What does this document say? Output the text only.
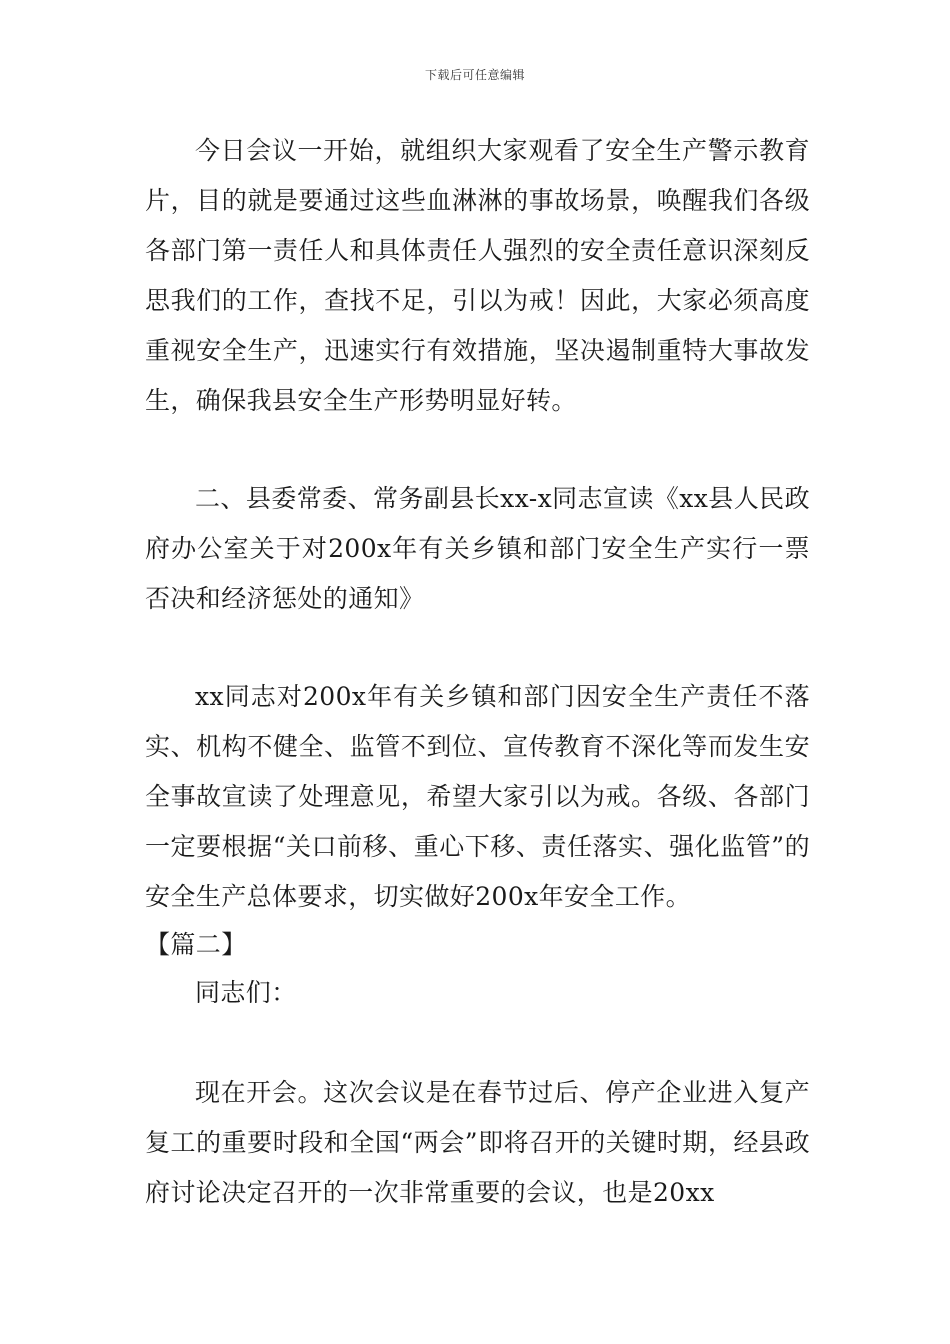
下载后可任意编辑

今日会议一开始，就组织大家观看了安全生产警示教育片，目的就是要通过这些血淋淋的事故场景，唤醒我们各级各部门第一责任人和具体责任人强烈的安全责任意识深刻反思我们的工作，查找不足，引以为戒！因此，大家必须高度重视安全生产，迅速实行有效措施，坚决遏制重特大事故发生，确保我县安全生产形势明显好转。

二、县委常委、常务副县长xx-x同志宣读《xx县人民政府办公室关于对200x年有关乡镇和部门安全生产实行一票否决和经济惩处的通知》

xx同志对200x年有关乡镇和部门因安全生产责任不落实、机构不健全、监管不到位、宣传教育不深化等而发生安全事故宣读了处理意见，希望大家引以为戒。各级、各部门一定要根据“关口前移、重心下移、责任落实、强化监管”的安全生产总体要求，切实做好200x年安全工作。

【篇二】

同志们：

现在开会。这次会议是在春节过后、停产企业进入复产复工的重要时段和全国“两会”即将召开的关键时期，经县政府讨论决定召开的一次非常重要的会议，也是20xx
